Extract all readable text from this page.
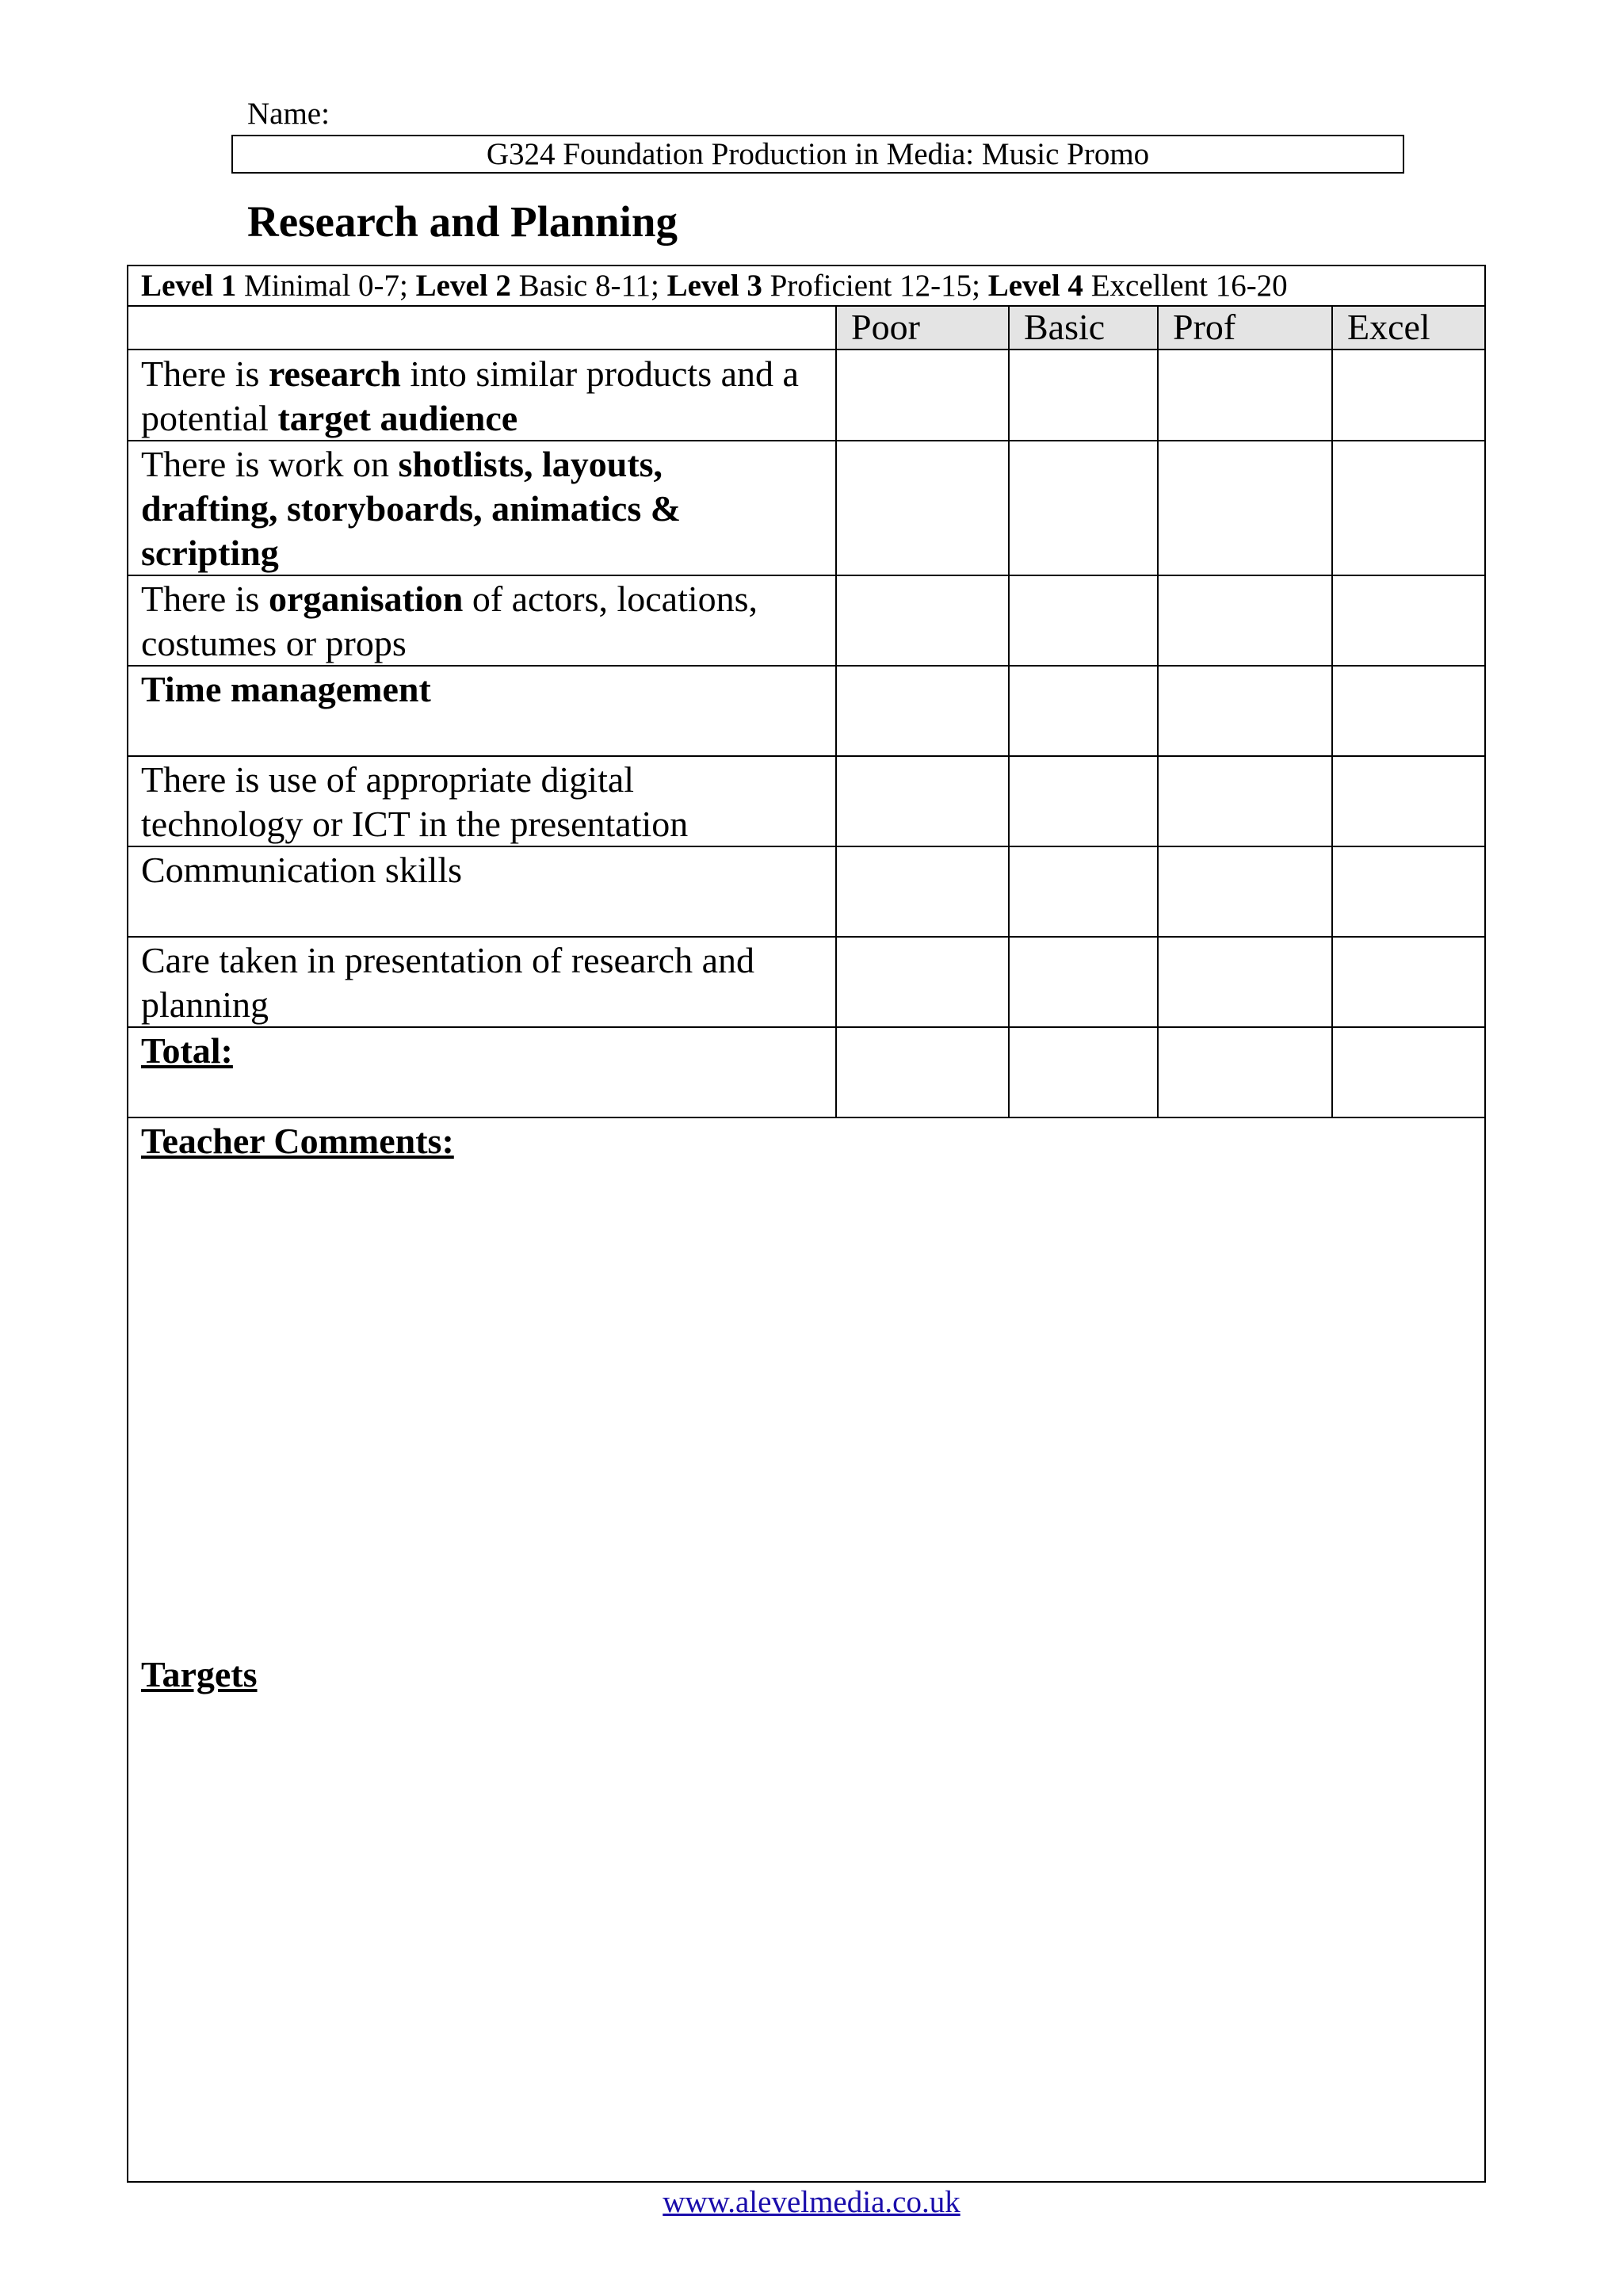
Name:
G324 Foundation Production in Media: Music Promo
Research and Planning
Level 1 Minimal 0-7; Level 2 Basic 8-11; Level 3 Proficient 12-15; Level 4 Excellent 16-20
Poor	Basic Prof	Excel
There is research into similar products and a potential target audience
There is work on shotlists, layouts, drafting, storyboards, animatics & scripting
There is organisation of actors, locations, costumes or props
Time management
There is use of appropriate digital technology or ICT in the presentation
Communication skills
Care taken in presentation of research and planning
Total:
Teacher Comments:
Targets
www.alevelmedia.co.uk
